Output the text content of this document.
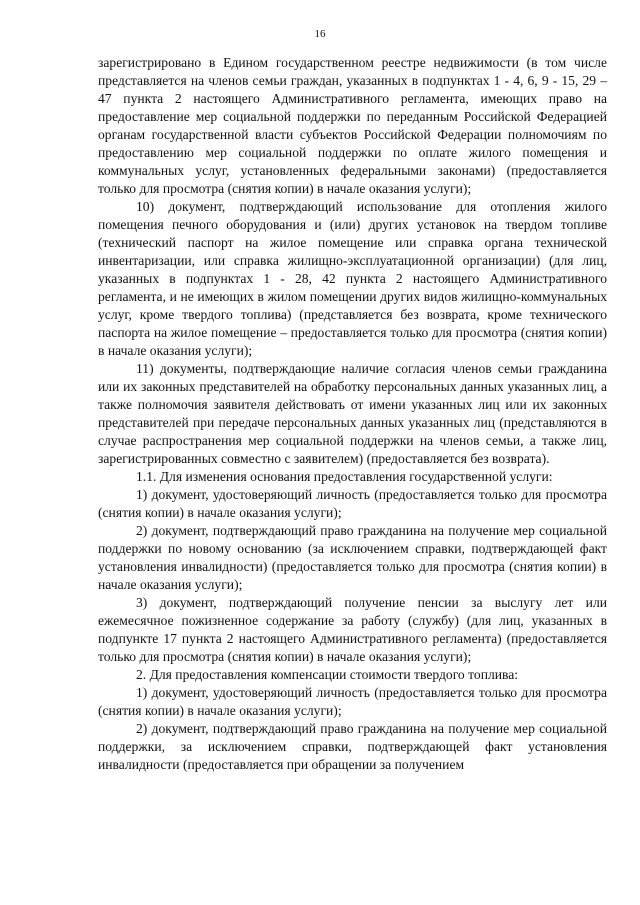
16

зарегистрировано в Едином государственном реестре недвижимости (в том числе представляется на членов семьи граждан, указанных в подпунктах 1 - 4, 6, 9 - 15, 29 – 47 пункта 2 настоящего Административного регламента, имеющих право на предоставление мер социальной поддержки по переданным Российской Федерацией органам государственной власти субъектов Российской Федерации полномочиям по предоставлению мер социальной поддержки по оплате жилого помещения и коммунальных услуг, установленных федеральными законами) (предоставляется только для просмотра (снятия копии) в начале оказания услуги);

10) документ, подтверждающий использование для отопления жилого помещения печного оборудования и (или) других установок на твердом топливе (технический паспорт на жилое помещение или справка органа технической инвентаризации, или справка жилищно-эксплуатационной организации) (для лиц, указанных в подпунктах 1 - 28, 42 пункта 2 настоящего Административного регламента, и не имеющих в жилом помещении других видов жилищно-коммунальных услуг, кроме твердого топлива) (представляется без возврата, кроме технического паспорта на жилое помещение – предоставляется только для просмотра (снятия копии) в начале оказания услуги);

11) документы, подтверждающие наличие согласия членов семьи гражданина или их законных представителей на обработку персональных данных указанных лиц, а также полномочия заявителя действовать от имени указанных лиц или их законных представителей при передаче персональных данных указанных лиц (представляются в случае распространения мер социальной поддержки на членов семьи, а также лиц, зарегистрированных совместно с заявителем) (предоставляется без возврата).

1.1. Для изменения основания предоставления государственной услуги:

1) документ, удостоверяющий личность (предоставляется только для просмотра (снятия копии) в начале оказания услуги);

2) документ, подтверждающий право гражданина на получение мер социальной поддержки по новому основанию (за исключением справки, подтверждающей факт установления инвалидности) (предоставляется только для просмотра (снятия копии) в начале оказания услуги);

3) документ, подтверждающий получение пенсии за выслугу лет или ежемесячное пожизненное содержание за работу (службу) (для лиц, указанных в подпункте 17 пункта 2 настоящего Административного регламента) (предоставляется только для просмотра (снятия копии) в начале оказания услуги);

2. Для предоставления компенсации стоимости твердого топлива:

1) документ, удостоверяющий личность (предоставляется только для просмотра (снятия копии) в начале оказания услуги);

2) документ, подтверждающий право гражданина на получение мер социальной поддержки, за исключением справки, подтверждающей факт установления инвалидности (предоставляется при обращении за получением
